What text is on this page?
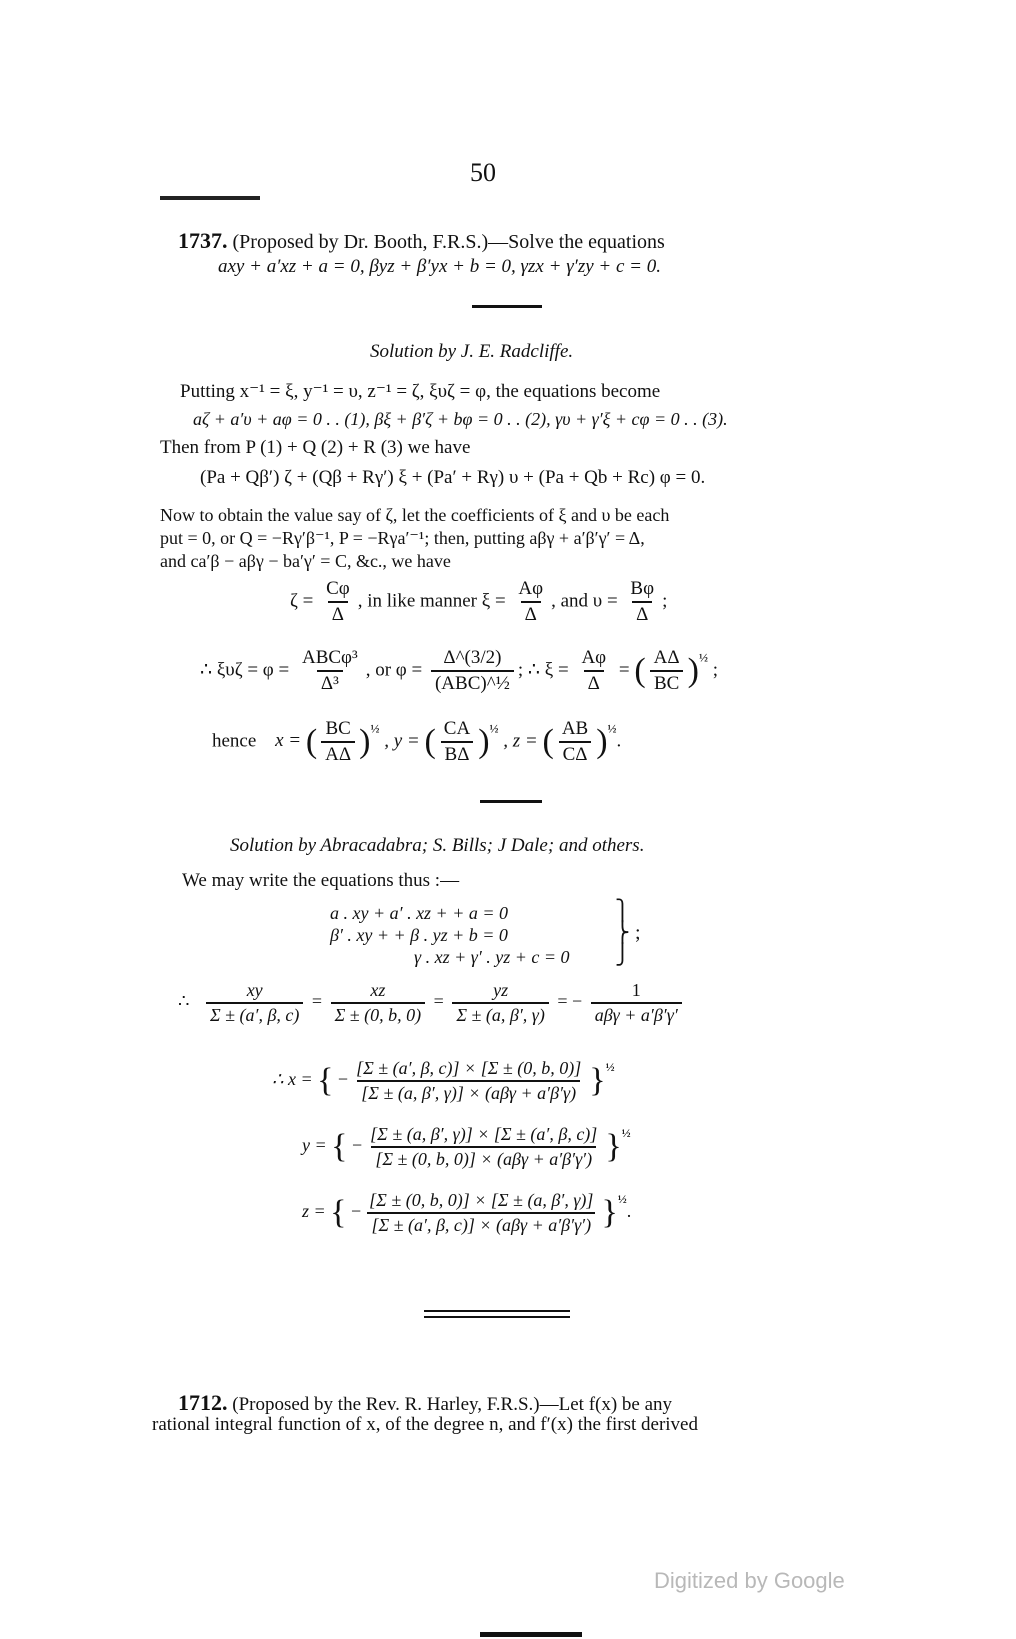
50
1737. (Proposed by Dr. Booth, F.R.S.)—Solve the equations
axy + a′xz + a = 0, βyz + β′yx + b = 0, γzx + γ′zy + c = 0.
Solution by J. E. Radcliffe.
Putting x⁻¹ = ξ, y⁻¹ = υ, z⁻¹ = ζ, ξυζ = φ, the equations become
aζ + a′υ + aφ = 0 . . (1), βξ + β′ζ + bφ = 0 . . (2), γυ + γ′ξ + cφ = 0 . . (3).
Then from P (1) + Q (2) + R (3) we have
(Pa + Qβ′) ζ + (Qβ + Rγ′) ξ + (Pa′ + Rγ) υ + (Pa + Qb + Rc) φ = 0.
Now to obtain the value say of ζ, let the coefficients of ξ and υ be each
put = 0, or Q = −Rγ′β⁻¹, P = −Rγa′⁻¹; then, putting aβγ + a′β′γ′ = Δ,
and ca′β − aβγ − ba′γ′ = C, &c., we have
$\zeta = \frac{C\varphi}{\Delta}$ , in like manner $\xi = \frac{A\varphi}{\Delta}$ , and $\upsilon = \frac{B\varphi}{\Delta}$ ;
∴ $\xi\upsilon\zeta = \varphi = \frac{\text{ABCφ³}}{\text{Δ³}}$ , or $\varphi = \frac{\Delta\^{}(3/2)}{\text{(ABC)\textasciicircum{}½}}$ ; ∴ $\xi = \frac{A\varphi}{\Delta}$ = ( $\frac{A\Delta}{BC} )^{\frac{1}{2}}$ ;
hence x = ( $\frac{BC}{A\Delta} )^{\frac{1}{2}}$ , y = ( $\frac{CA}{B\Delta} )^{\frac{1}{2}}$ , z = ( $\frac{AB}{C\Delta} )^{\frac{1}{2}}$.
Solution by Abracadabra; S. Bills; J Dale; and others.
We may write the equations thus :—
a . xy + a′ . xz + + a = 0
β′ . xy + + β . yz + b = 0
γ . xz + γ′ . yz + c = 0
⎫
⎬ ;
⎭
∴ $\frac{xy}{\Sigma \pm (a', \beta, c)} = \frac{xz}{\Sigma \pm (0, b, 0)} = \frac{yz}{\Sigma \pm (a, \beta', \gamma)}$ = − $\frac{1}{\text{aβγ + a′β′γ′}}$
∴ x = { − $\frac{[\Sigma \pm (a', \beta, c)] \times [\Sigma \pm (0, b, 0)]}{\text{[Σ ± (a, β′, γ)] × (aβγ + a′β′γ)}} \}^{\frac{1}{2}}$
y = { − $\frac{[\Sigma \pm (a, \beta', \gamma)] \times [\Sigma \pm (a', \beta, c)]}{\text{[Σ ± (0, b, 0)] × (aβγ + a′β′γ′)}} \}^{\frac{1}{2}}$
z = { − $\frac{[\Sigma \pm (0, b, 0)] \times [\Sigma \pm (a, \beta', \gamma)]}{\text{[Σ ± (a′, β, c)] × (aβγ + a′β′γ′)}} \}^{\frac{1}{2}}$.
1712. (Proposed by the Rev. R. Harley, F.R.S.)—Let f(x) be any
rational integral function of x, of the degree n, and f′(x) the first derived
Digitized by Google
